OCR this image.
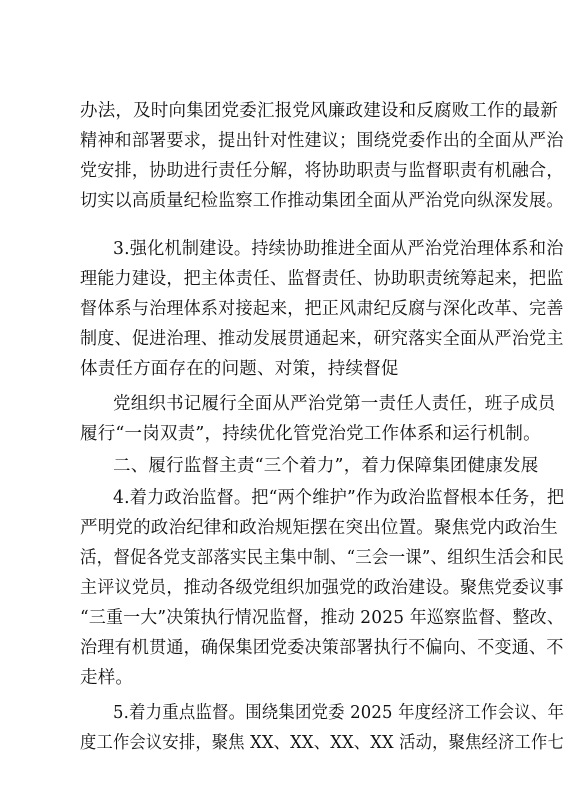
办法，及时向集团党委汇报党风廉政建设和反腐败工作的最新
精神和部署要求，提出针对性建议；围绕党委作出的全面从严治
党安排，协助进行责任分解，将协助职责与监督职责有机融合，
切实以高质量纪检监察工作推动集团全面从严治党向纵深发展。
3.强化机制建设。持续协助推进全面从严治党治理体系和治
理能力建设，把主体责任、监督责任、协助职责统筹起来，把监
督体系与治理体系对接起来，把正风肃纪反腐与深化改革、完善
制度、促进治理、推动发展贯通起来，研究落实全面从严治党主
体责任方面存在的问题、对策，持续督促
党组织书记履行全面从严治党第一责任人责任，班子成员
履行“一岗双责”，持续优化管党治党工作体系和运行机制。
二、履行监督主责“三个着力”，着力保障集团健康发展
4.着力政治监督。把“两个维护”作为政治监督根本任务，把
严明党的政治纪律和政治规矩摆在突出位置。聚焦党内政治生
活，督促各党支部落实民主集中制、“三会一课”、组织生活会和民
主评议党员，推动各级党组织加强党的政治建设。聚焦党委议事
“三重一大”决策执行情况监督，推动 2025 年巡察监督、整改、
治理有机贯通，确保集团党委决策部署执行不偏向、不变通、不
走样。
5.着力重点监督。围绕集团党委 2025 年度经济工作会议、年
度工作会议安排，聚焦 XX、XX、XX、XX 活动，聚焦经济工作七
